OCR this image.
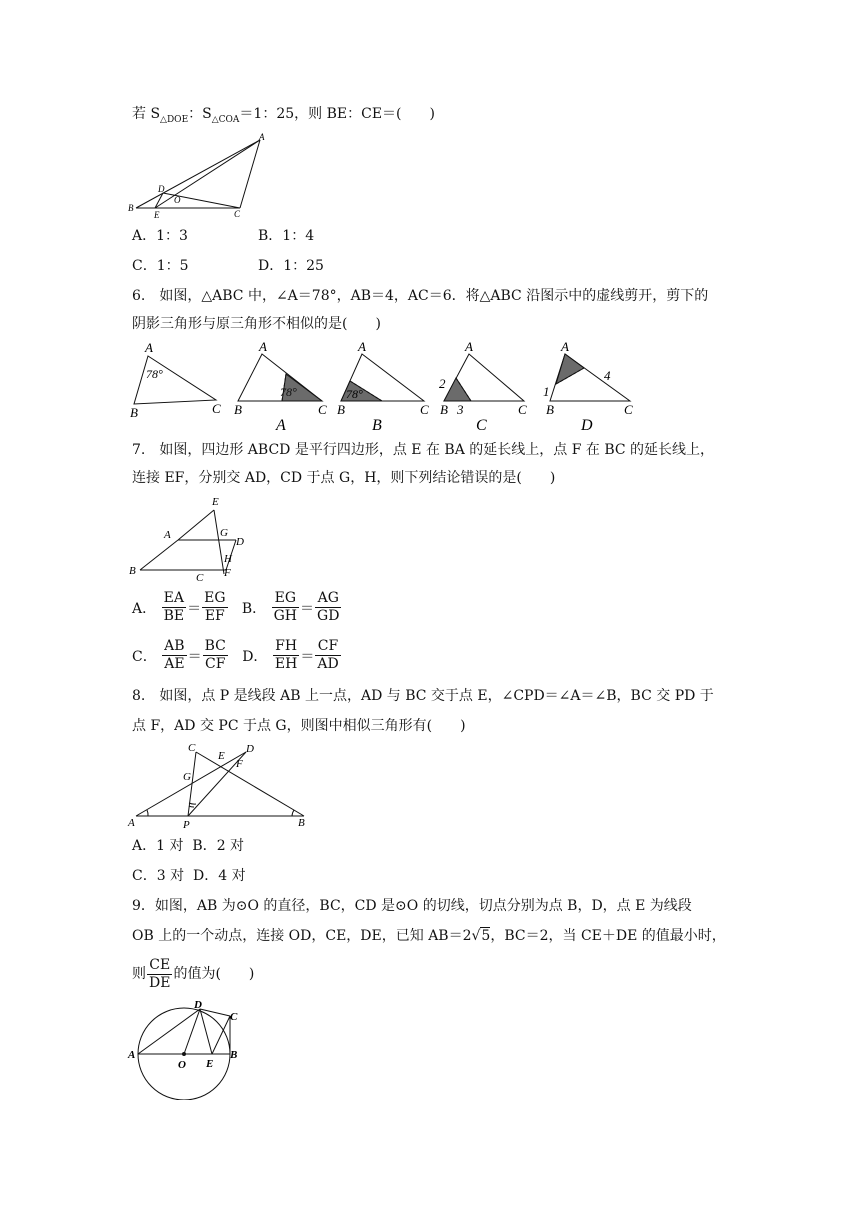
若 $S_{\triangle DOE}$：$S_{\triangle COA}=1$：25，则 BE：CE＝(　　)
A
B
C
D
E
O
A．1：3	B．1：4
C．1：5	D．1：25
6.　如图，△ABC 中，∠A＝78°，AB＝4，AC＝6．将△ABC 沿图示中的虚线剪开，剪下的
阴影三角形与原三角形不相似的是(　　)
A
B	C
78°
A
B	C
78°
A
A
B	C
78°
B
A
B	C
2
3
C
A
B	C
1
4
D
7.　如图，四边形 ABCD 是平行四边形，点 E 在 BA 的延长线上，点 F 在 BC 的延长线上，
连接 EF，分别交 AD，CD 于点 G，H，则下列结论错误的是(　　)
E
A	G
D
H
B
C F
A． $\frac{EA}{BE} = \frac{EG}{EF}$ B． $\frac{EG}{GH} = \frac{AG}{GD}$
C． $\frac{AB}{AE} = \frac{BC}{CF}$ D． $\frac{FH}{EH} = \frac{CF}{AD}$
8.　如图，点 P 是线段 AB 上一点，AD 与 BC 交于点 E，∠CPD＝∠A＝∠B，BC 交 PD 于
点 F，AD 交 PC 于点 G，则图中相似三角形有(　　)
C
E
D
F
G
A	P	B
A．1 对 B．2 对
C．3 对 D．4 对
9．如图，AB 为⊙O 的直径，BC，CD 是⊙O 的切线，切点分别为点 B，D，点 E 为线段
OB 上的一个动点，连接 OD，CE，DE，已知 AB＝2√5，BC＝2，当 CE＋DE 的值最小时，
则 $\frac{CE}{DE}$ 的值为(　　)
D
C
A	B
O E
